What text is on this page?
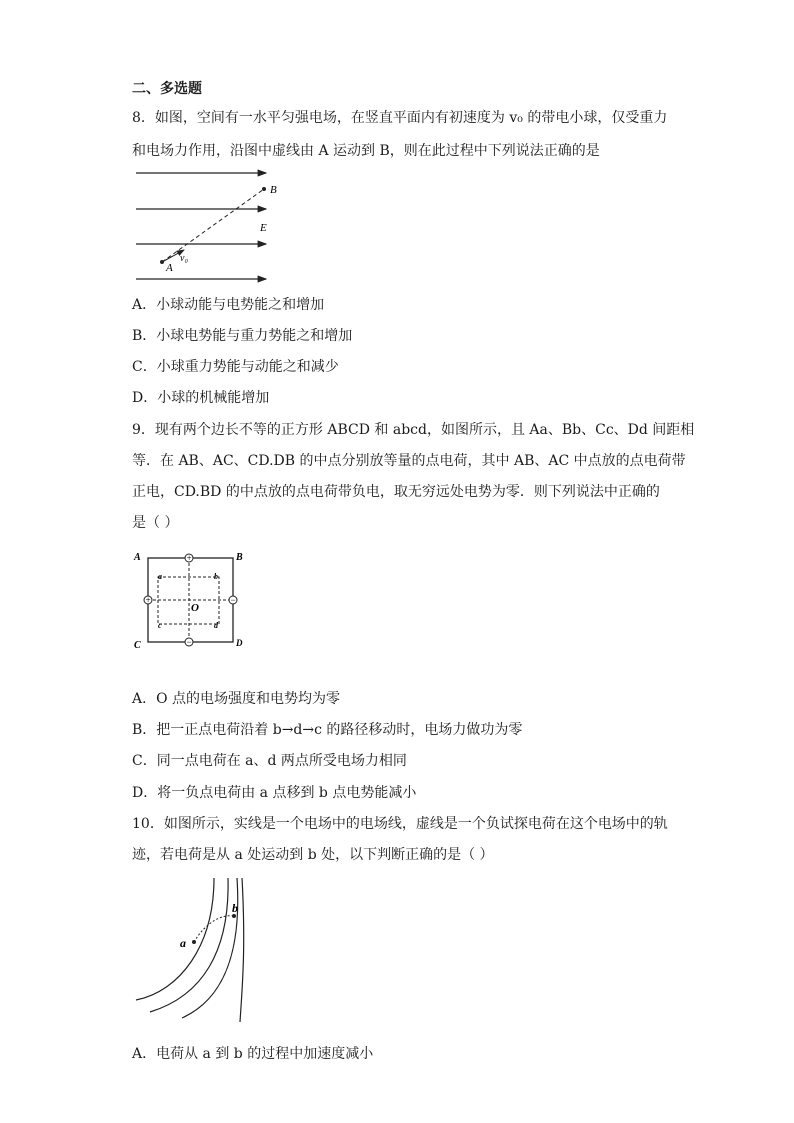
二、多选题
8．如图，空间有一水平匀强电场，在竖直平面内有初速度为 v₀ 的带电小球，仅受重力
和电场力作用，沿图中虚线由 A 运动到 B，则在此过程中下列说法正确的是
B
E
v₀
A
A．小球动能与电势能之和增加
B．小球电势能与重力势能之和增加
C．小球重力势能与动能之和减少
D．小球的机械能增加
9．现有两个边长不等的正方形 ABCD 和 abcd，如图所示，且 Aa、Bb、Cc、Dd 间距相
等．在 AB、AC、CD.DB 的中点分别放等量的点电荷，其中 AB、AC 中点放的点电荷带
正电，CD.BD 的中点放的点电荷带负电，取无穷远处电势为零．则下列说法中正确的
是（ ）
+
+	−
−
A	B
C	D
a	b
c	d
O
A．O 点的电场强度和电势均为零
B．把一正点电荷沿着 b→d→c 的路径移动时，电场力做功为零
C．同一点电荷在 a、d 两点所受电场力相同
D．将一负点电荷由 a 点移到 b 点电势能减小
10．如图所示，实线是一个电场中的电场线，虚线是一个负试探电荷在这个电场中的轨
迹，若电荷是从 a 处运动到 b 处，以下判断正确的是（ ）
a
b
A．电荷从 a 到 b 的过程中加速度减小
